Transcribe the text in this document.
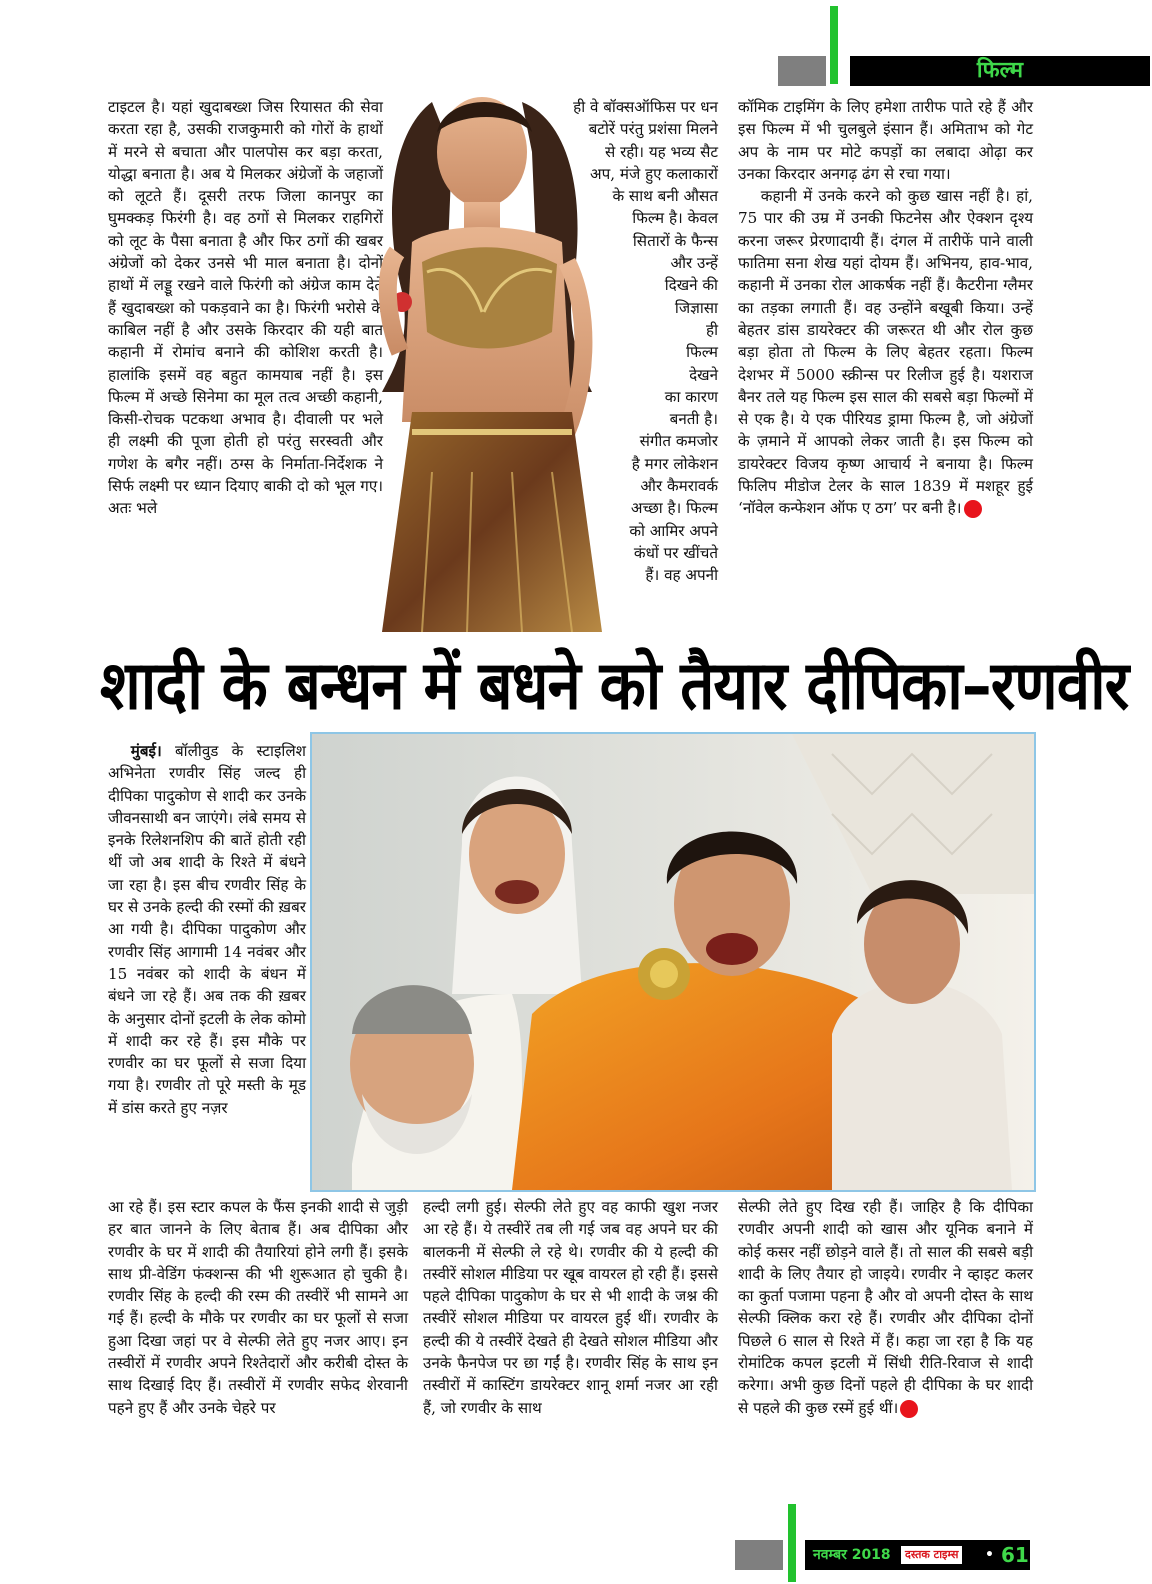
फिल्म

टाइटल है। यहां खुदाबख्श जिस रियासत की सेवा करता रहा है, उसकी राजकुमारी को गोरों के हाथों में मरने से बचाता और पालपोस कर बड़ा करता, योद्धा बनाता है। अब ये मिलकर अंग्रेजों के जहाजों को लूटते हैं। दूसरी तरफ जिला कानपुर का घुमक्कड़ फिरंगी है। वह ठगों से मिलकर राहगिरों को लूट के पैसा बनाता है और फिर ठगों की खबर अंग्रेजों को देकर उनसे भी माल बनाता है। दोनों हाथों में लड्डू रखने वाले फिरंगी को अंग्रेज काम देते हैं खुदाबख्श को पकड़वाने का है। फिरंगी भरोसे के काबिल नहीं है और उसके किरदार की यही बात कहानी में रोमांच बनाने की कोशिश करती है। हालांकि इसमें वह बहुत कामयाब नहीं है। इस फिल्म में अच्छे सिनेमा का मूल तत्व अच्छी कहानी, किसी-रोचक पटकथा अभाव है। दीवाली पर भले ही लक्ष्मी की पूजा होती हो परंतु सरस्वती और गणेश के बगैर नहीं। ठग्स के निर्माता-निर्देशक ने सिर्फ लक्ष्मी पर ध्यान दियाए बाकी दो को भूल गए। अतः भले

ही वे बॉक्सऑफिस पर धन

बटोरें परंतु प्रशंसा मिलने

से रही। यह भव्य सैट

अप, मंजे हुए कलाकारों

के साथ बनी औसत

फिल्म है। केवल

सितारों के फैन्स

और उन्हें

दिखने की

जिज्ञासा

ही

फिल्म

देखने

का कारण

बनती है।

संगीत कमजोर

है मगर लोकेशन

और कैमरावर्क

अच्छा है। फिल्म

को आमिर अपने

कंधों पर खींचते

हैं। वह अपनी

कॉमिक टाइमिंग के लिए हमेशा तारीफ पाते रहे हैं और इस फिल्म में भी चुलबुले इंसान हैं। अमिताभ को गेट अप के नाम पर मोटे कपड़ों का लबादा ओढ़ा कर उनका किरदार अनगढ़ ढंग से रचा गया।

कहानी में उनके करने को कुछ खास नहीं है। हां, 75 पार की उम्र में उनकी फिटनेस और ऐक्शन दृश्य करना जरूर प्रेरणादायी हैं। दंगल में तारीफें पाने वाली फातिमा सना शेख यहां दोयम हैं। अभिनय, हाव-भाव, कहानी में उनका रोल आकर्षक नहीं हैं। कैटरीना ग्लैमर का तड़का लगाती हैं। वह उन्होंने बखूबी किया। उन्हें बेहतर डांस डायरेक्टर की जरूरत थी और रोल कुछ बड़ा होता तो फिल्म के लिए बेहतर रहता। फिल्म देशभर में 5000 स्क्रीन्स पर रिलीज हुई है। यशराज बैनर तले यह फिल्म इस साल की सबसे बड़ा फिल्मों में से एक है। ये एक पीरियड ड्रामा फिल्म है, जो अंग्रेजों के ज़माने में आपको लेकर जाती है। इस फिल्म को डायरेक्टर विजय कृष्ण आचार्य ने बनाया है। फिल्म फिलिप मीडोज टेलर के साल 1839 में मशहूर हुई ‘नॉवेल कन्फेशन ऑफ ए ठग’ पर बनी है।

शादी के बन्धन में बधने को तैयार दीपिका–रणवीर

मुंबई। बॉलीवुड के स्टाइलिश अभिनेता रणवीर सिंह जल्द ही दीपिका पादुकोण से शादी कर उनके जीवनसाथी बन जाएंगे। लंबे समय से इनके रिलेशनशिप की बातें होती रही थीं जो अब शादी के रिश्ते में बंधने जा रहा है। इस बीच रणवीर सिंह के घर से उनके हल्दी की रस्मों की ख़बर आ गयी है। दीपिका पादुकोण और रणवीर सिंह आगामी 14 नवंबर और 15 नवंबर को शादी के बंधन में बंधने जा रहे हैं। अब तक की ख़बर के अनुसार दोनों इटली के लेक कोमो में शादी कर रहे हैं। इस मौके पर रणवीर का घर फूलों से सजा दिया गया है। रणवीर तो पूरे मस्ती के मूड में डांस करते हुए नज़र

आ रहे हैं। इस स्टार कपल के फैंस इनकी शादी से जुड़ी हर बात जानने के लिए बेताब हैं। अब दीपिका और रणवीर के घर में शादी की तैयारियां होने लगी हैं। इसके साथ प्री-वेडिंग फंक्शन्स की भी शुरूआत हो चुकी है। रणवीर सिंह के हल्दी की रस्म की तस्वीरें भी सामने आ गई हैं। हल्दी के मौके पर रणवीर का घर फूलों से सजा हुआ दिखा जहां पर वे सेल्फी लेते हुए नजर आए। इन तस्वीरों में रणवीर अपने रिश्तेदारों और करीबी दोस्त के साथ दिखाई दिए हैं। तस्वीरों में रणवीर सफेद शेरवानी पहने हुए हैं और उनके चेहरे पर

हल्दी लगी हुई। सेल्फी लेते हुए वह काफी खुश नजर आ रहे हैं। ये तस्वीरें तब ली गई जब वह अपने घर की बालकनी में सेल्फी ले रहे थे। रणवीर की ये हल्दी की तस्वीरें सोशल मीडिया पर खूब वायरल हो रही हैं। इससे पहले दीपिका पादुकोण के घर से भी शादी के जश्न की तस्वीरें सोशल मीडिया पर वायरल हुई थीं। रणवीर के हल्दी की ये तस्वीरें देखते ही देखते सोशल मीडिया और उनके फैनपेज पर छा गईं है। रणवीर सिंह के साथ इन तस्वीरों में कास्टिंग डायरेक्टर शानू शर्मा नजर आ रही हैं, जो रणवीर के साथ

सेल्फी लेते हुए दिख रही हैं। जाहिर है कि दीपिका रणवीर अपनी शादी को खास और यूनिक बनाने में कोई कसर नहीं छोड़ने वाले हैं। तो साल की सबसे बड़ी शादी के लिए तैयार हो जाइये। रणवीर ने व्हाइट कलर का कुर्ता पजामा पहना है और वो अपनी दोस्त के साथ सेल्फी क्लिक करा रहे हैं। रणवीर और दीपिका दोनों पिछले 6 साल से रिश्ते में हैं। कहा जा रहा है कि यह रोमांटिक कपल इटली में सिंधी रीति-रिवाज से शादी करेगा। अभी कुछ दिनों पहले ही दीपिका के घर शादी से पहले की कुछ रस्में हुई थीं।

नवम्बर 2018	दस्तक टाइम्स • 61
